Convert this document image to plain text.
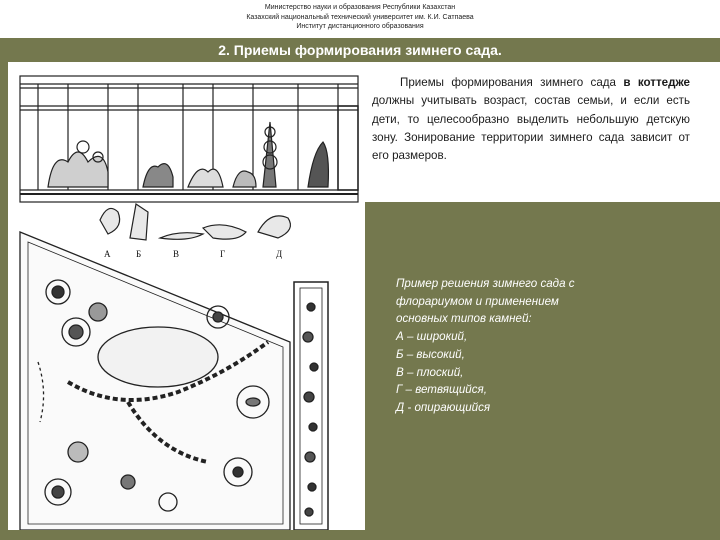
Министерство науки и образования Республики Казахстан
Казахский национальный технический университет им. К.И. Сатпаева
Институт дистанционного образования
2. Приемы формирования зимнего сада.
Приемы формирования зимнего сада в коттедже должны учитывать возраст, состав семьи, и если есть дети, то целесообразно выделить небольшую детскую зону. Зонирование территории зимнего сада зависит от его размеров.
Пример решения зимнего сада с
флорариумом и применением
основных типов камней:
А – широкий,
Б – высокий,
В – плоский,
Г – ветвящийся,
Д - опирающийся
А	Б	В	Г	Д
